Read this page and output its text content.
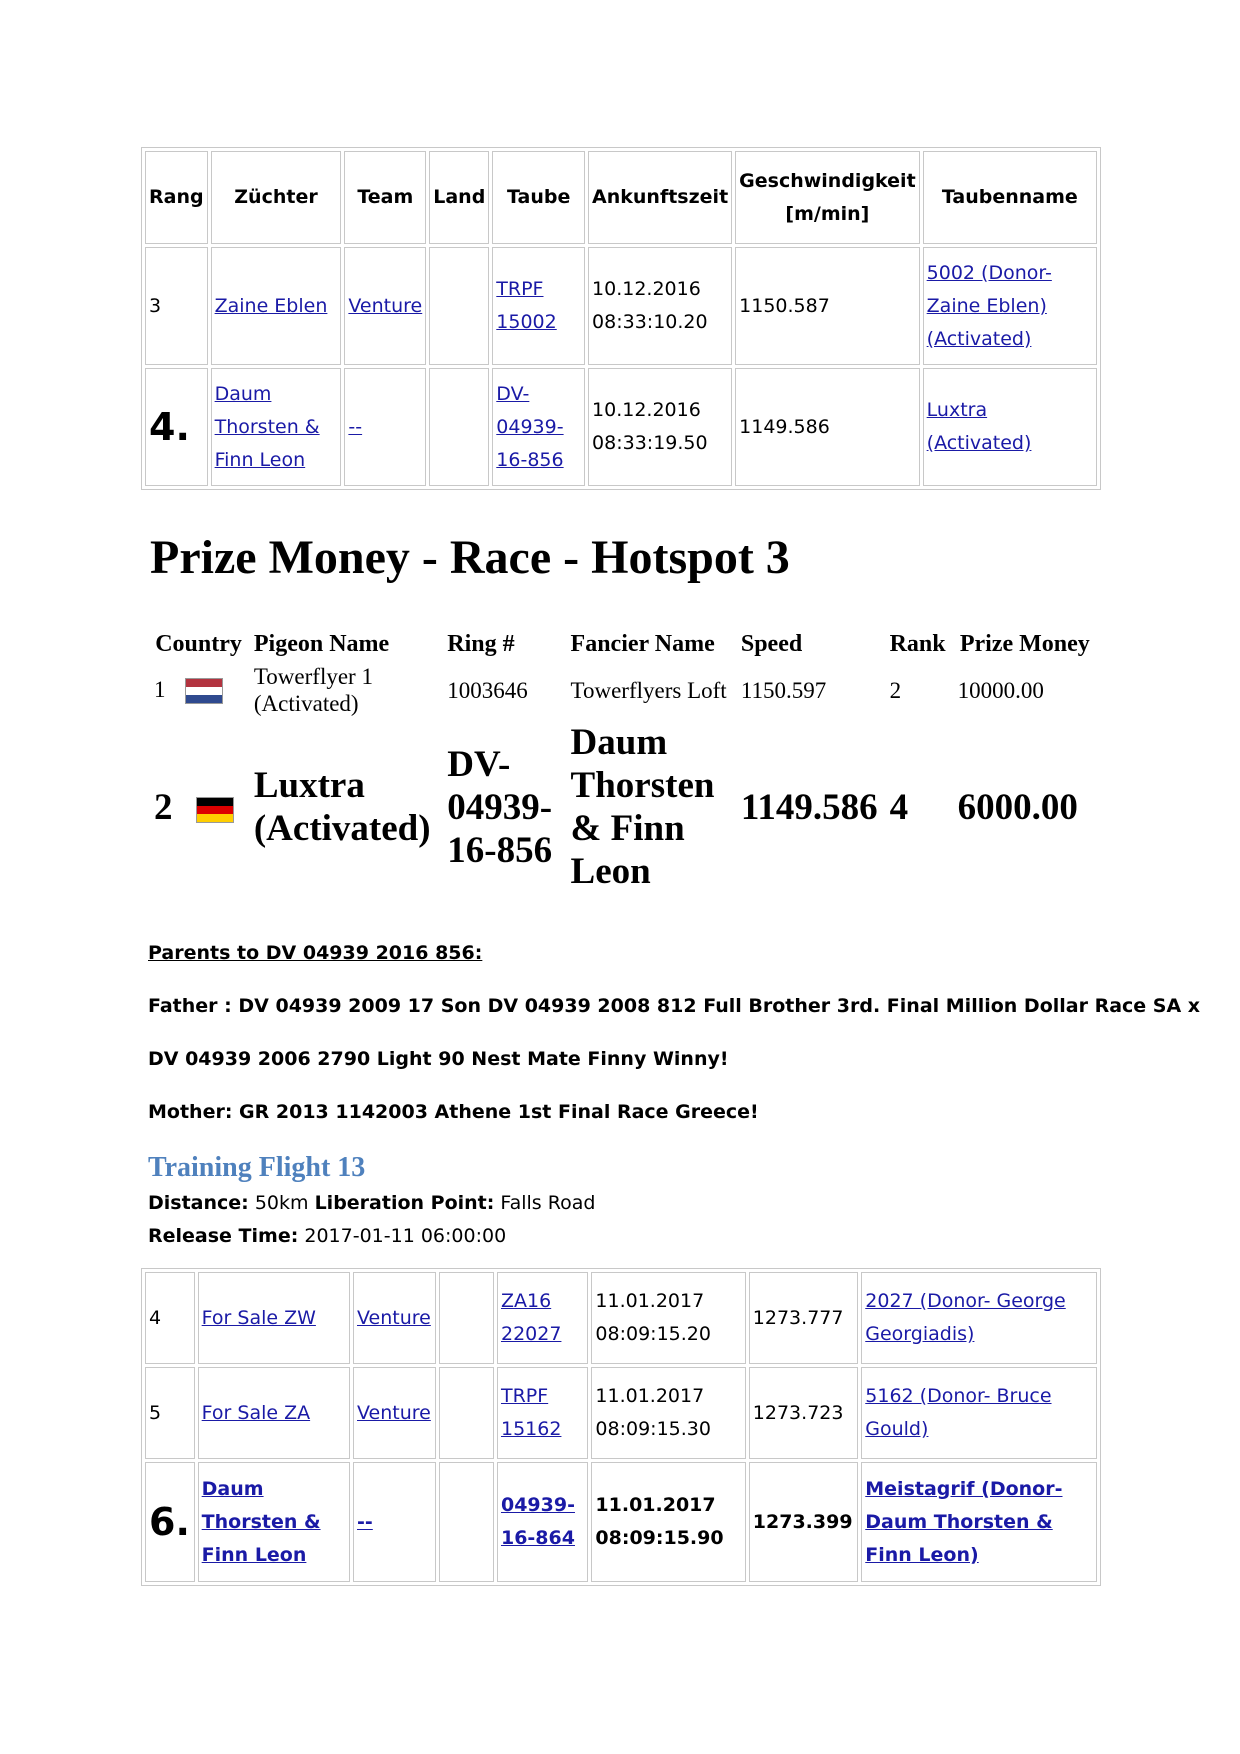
Rang	Züchter	Team	Land	Taube	Ankunftszeit	Geschwindigkeit [m/min]	Taubenname
3	Zaine Eblen	Venture		TRPF 15002	10.12.2016 08:33:10.20	1150.587	5002 (Donor- Zaine Eblen) (Activated)
4.	Daum Thorsten & Finn Leon	--		DV-04939-16-856	10.12.2016 08:33:19.50	1149.586	Luxtra (Activated)
Prize Money - Race - Hotspot 3
Country	Pigeon Name	Ring #	Fancier Name	Speed	Rank	Prize Money
1	Towerflyer 1 (Activated)	1003646	Towerflyers Loft	1150.597	2	10000.00
2	Luxtra (Activated)	DV-04939-16-856	Daum Thorsten & Finn Leon	1149.586	4	6000.00
Parents to DV 04939 2016 856:
Father : DV 04939 2009 17 Son DV 04939 2008 812 Full Brother 3rd. Final Million Dollar Race SA x
DV 04939 2006 2790 Light 90 Nest Mate Finny Winny!
Mother: GR 2013 1142003 Athene 1st Final Race Greece!
Training Flight 13
Distance: 50km Liberation Point: Falls Road
Release Time: 2017-01-11 06:00:00
4	For Sale ZW	Venture		ZA16 22027	11.01.2017 08:09:15.20	1273.777	2027 (Donor- George Georgiadis)
5	For Sale ZA	Venture		TRPF 15162	11.01.2017 08:09:15.30	1273.723	5162 (Donor- Bruce Gould)
6.	Daum Thorsten & Finn Leon	--		04939-16-864	11.01.2017 08:09:15.90	1273.399	Meistagrif (Donor- Daum Thorsten & Finn Leon)
